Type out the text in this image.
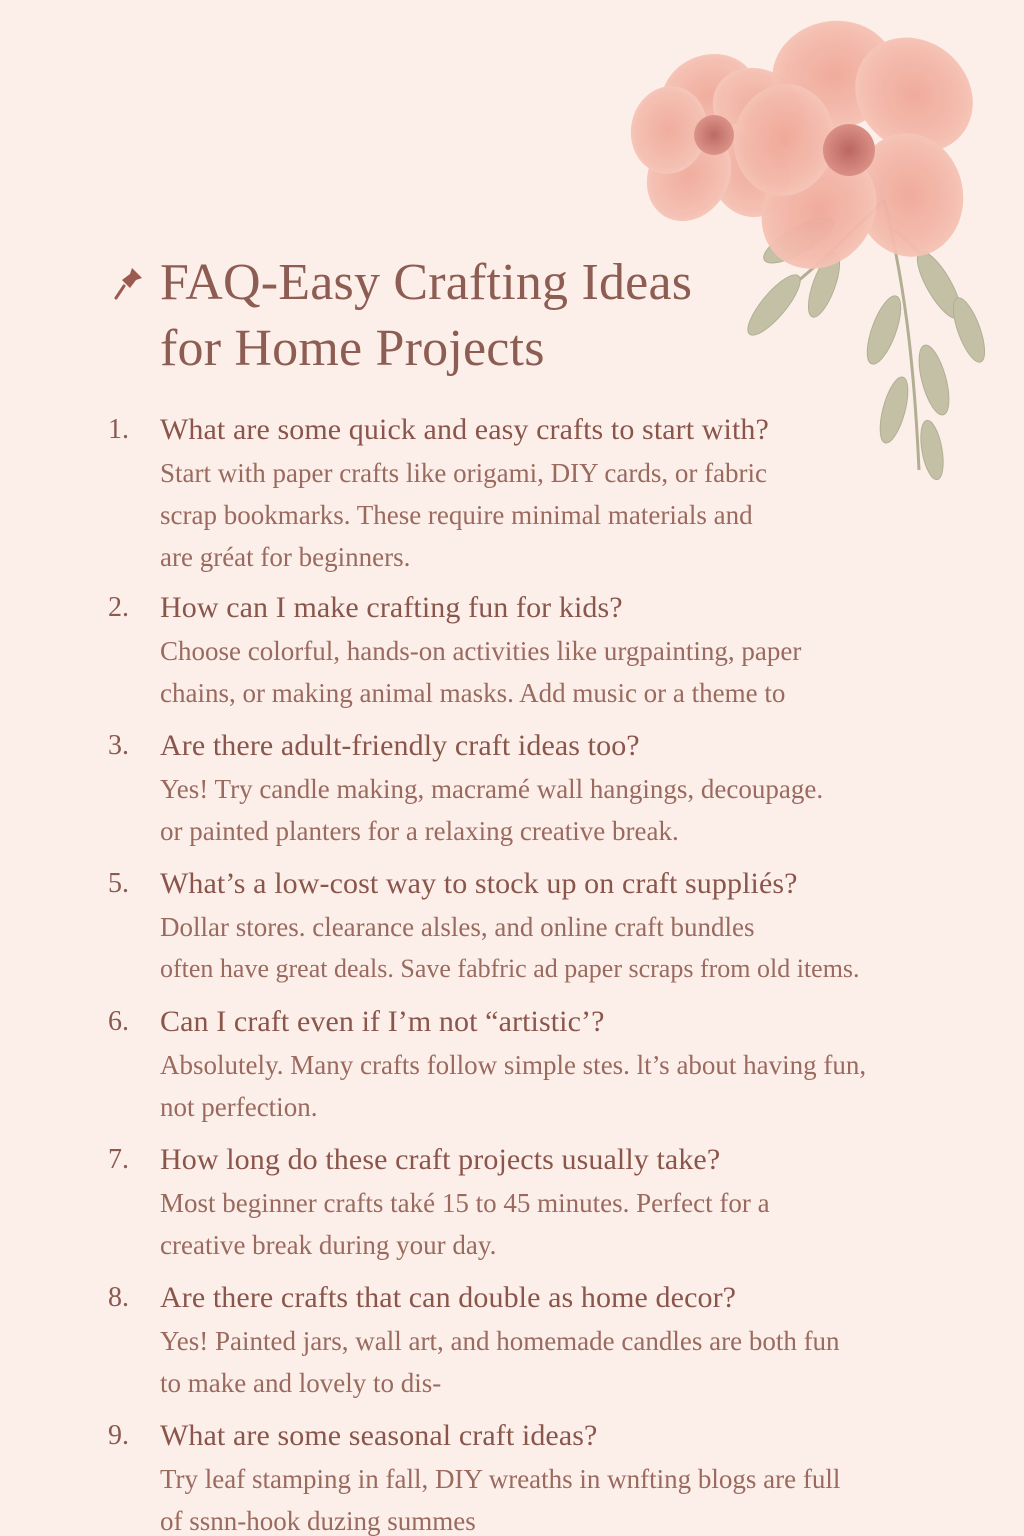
FAQ-Easy Crafting Ideas
for Home Projects
1.	What are some quick and easy crafts to start with?

Start with paper crafts like origami, DIY cards, or fabric
scrap bookmarks. These require minimal materials and
are gréat for beginners.

2.	How can I make crafting fun for kids?

Choose colorful, hands-on activities like urgpainting, paper
chains, or making animal masks. Add music or a theme to

3.	Are there adult-friendly craft ideas too?

Yes! Try candle making, macramé wall hangings, decoupage.
or painted planters for a relaxing creative break.

5.	What’s a low-cost way to stock up on craft suppliés?

Dollar stores. clearance alsles, and online craft bundles
often have great deals. Save fabfric ad paper scraps from old items.

6.	Can I craft even if I’m not “artistic’?

Absolutely. Many crafts follow simple stes. lt’s about having fun,
not perfection.

7.	How long do these craft projects usually take?

Most beginner crafts také 15 to 45 minutes. Perfect for a
creative break during your day.

8.	Are there crafts that can double as home decor?

Yes! Painted jars, wall art, and homemade candles are both fun
to make and lovely to dis-

9.	What are some seasonal craft ideas?

Try leaf stamping in fall, DIY wreaths in wnfting blogs are full
of ssnn-hook duzing summes
